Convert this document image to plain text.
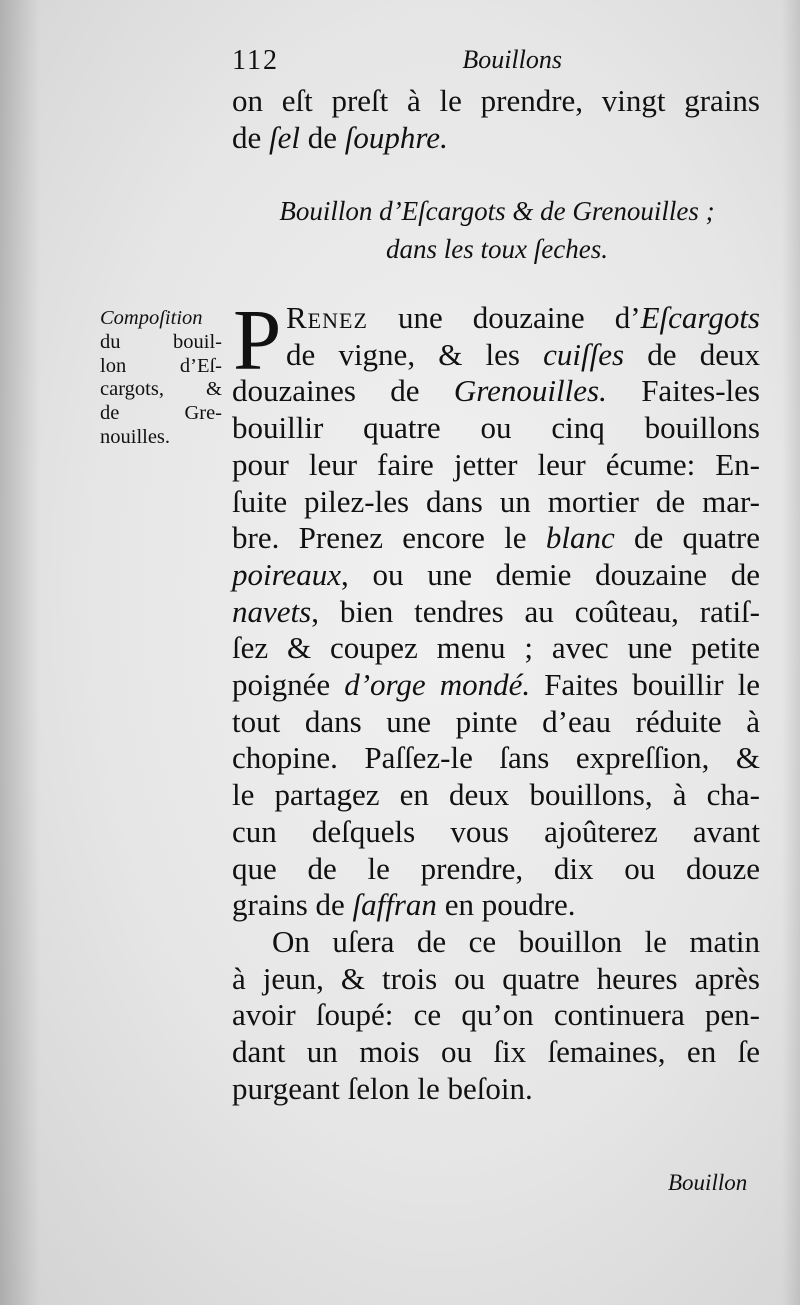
112	Bouillons
on eſt preſt à le prendre, vingt grains
de ſel de ſouphre.
Bouillon d’Eſcargots & de Grenouilles ;
dans les toux ſeches.
Compoſition
du bouil-
lon d’Eſ-
cargots, &
de Gre-
nouilles.
P Renez une douzaine d’Eſcargots
de vigne, & les cuiſſes de deux
douzaines de Grenouilles. Faites-les
bouillir quatre ou cinq bouillons
pour leur faire jetter leur écume: En-
ſuite pilez-les dans un mortier de mar-
bre. Prenez encore le blanc de quatre
poireaux, ou une demie douzaine de
navets, bien tendres au coûteau, ratiſ-
ſez & coupez menu ; avec une petite
poignée d’orge mondé. Faites bouillir le
tout dans une pinte d’eau réduite à
chopine. Paſſez-le ſans expreſſion, &
le partagez en deux bouillons, à cha-
cun deſquels vous ajoûterez avant
que de le prendre, dix ou douze
grains de ſaffran en poudre.
On uſera de ce bouillon le matin
à jeun, & trois ou quatre heures après
avoir ſoupé: ce qu’on continuera pen-
dant un mois ou ſix ſemaines, en ſe
purgeant ſelon le beſoin.
Bouillon
